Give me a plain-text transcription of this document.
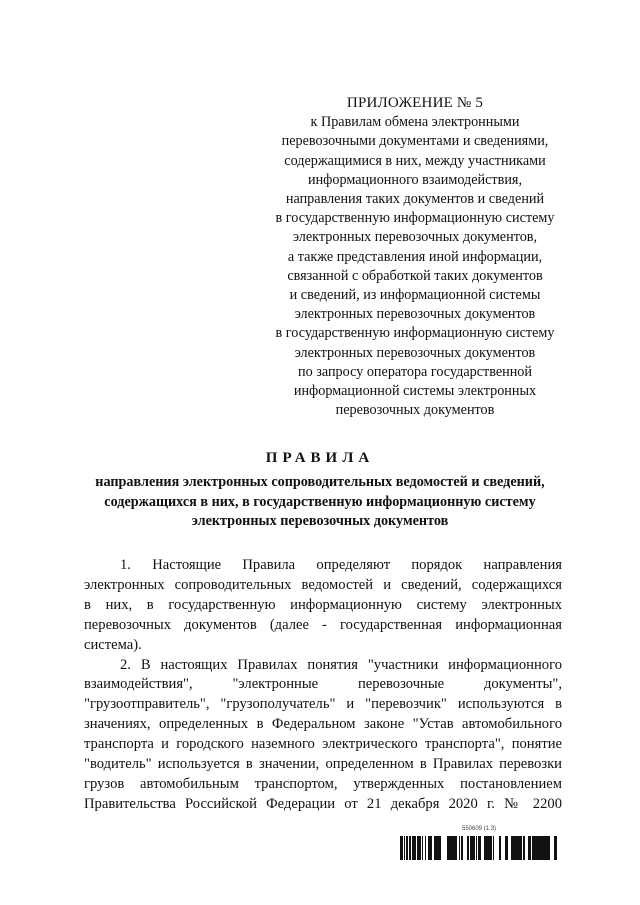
ПРИЛОЖЕНИЕ № 5
к Правилам обмена электронными
перевозочными документами и сведениями,
содержащимися в них, между участниками
информационного взаимодействия,
направления таких документов и сведений
в государственную информационную систему
электронных перевозочных документов,
а также представления иной информации,
связанной с обработкой таких документов
и сведений, из информационной системы
электронных перевозочных документов
в государственную информационную систему
электронных перевозочных документов
по запросу оператора государственной
информационной системы электронных
перевозочных документов
ПРАВИЛА
направления электронных сопроводительных ведомостей и сведений,
содержащихся в них, в государственную информационную систему
электронных перевозочных документов
1. Настоящие Правила определяют порядок направления
электронных сопроводительных ведомостей и сведений, содержащихся
в них, в государственную информационную систему электронных
перевозочных документов (далее - государственная информационная
система).
2. В настоящих Правилах понятия "участники информационного
взаимодействия", "электронные перевозочные документы",
"грузоотправитель", "грузополучатель" и "перевозчик" используются в
значениях, определенных в Федеральном законе "Устав автомобильного
транспорта и городского наземного электрического транспорта", понятие
"водитель" используется в значении, определенном в Правилах перевозки
грузов автомобильным транспортом, утвержденных постановлением
Правительства Российской Федерации от 21 декабря 2020 г. № 2200
550609 (1.3)
